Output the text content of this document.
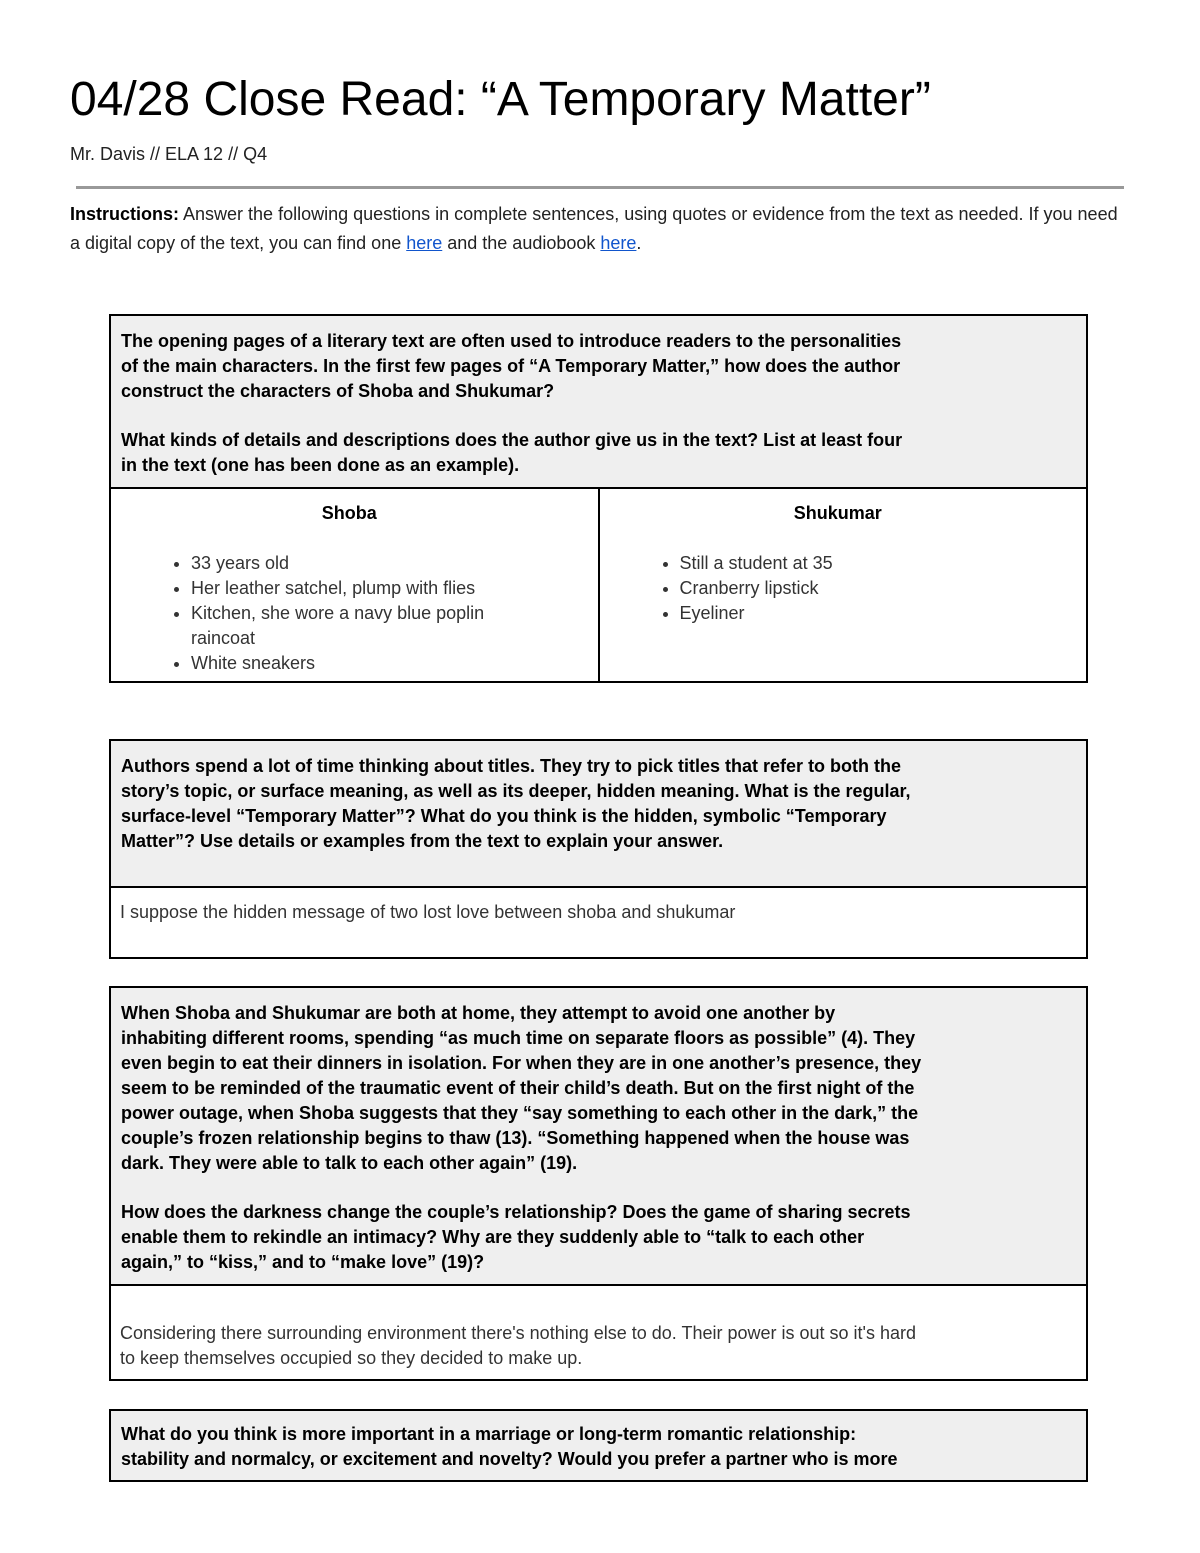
04/28 Close Read: “A Temporary Matter”
Mr. Davis // ELA 12 // Q4
Instructions: Answer the following questions in complete sentences, using quotes or evidence from the text as needed. If you need a digital copy of the text, you can find one here and the audiobook here.
The opening pages of a literary text are often used to introduce readers to the personalities
of the main characters. In the first few pages of “A Temporary Matter,” how does the author
construct the characters of Shoba and Shukumar?
What kinds of details and descriptions does the author give us in the text? List at least four
in the text (one has been done as an example).
Shoba
• 33 years old
• Her leather satchel, plump with flies
• Kitchen, she wore a navy blue poplin raincoat
• White sneakers
Shukumar
• Still a student at 35
• Cranberry lipstick
• Eyeliner
Authors spend a lot of time thinking about titles. They try to pick titles that refer to both the
story’s topic, or surface meaning, as well as its deeper, hidden meaning. What is the regular,
surface-level “Temporary Matter”? What do you think is the hidden, symbolic “Temporary
Matter”? Use details or examples from the text to explain your answer.
I suppose the hidden message of two lost love between shoba and shukumar
When Shoba and Shukumar are both at home, they attempt to avoid one another by
inhabiting different rooms, spending “as much time on separate floors as possible” (4). They
even begin to eat their dinners in isolation. For when they are in one another’s presence, they
seem to be reminded of the traumatic event of their child’s death. But on the first night of the
power outage, when Shoba suggests that they “say something to each other in the dark,” the
couple’s frozen relationship begins to thaw (13). “Something happened when the house was
dark. They were able to talk to each other again” (19).
How does the darkness change the couple’s relationship? Does the game of sharing secrets
enable them to rekindle an intimacy? Why are they suddenly able to “talk to each other
again,” to “kiss,” and to “make love” (19)?
Considering there surrounding environment there's nothing else to do. Their power is out so it's hard
to keep themselves occupied so they decided to make up.
What do you think is more important in a marriage or long-term romantic relationship:
stability and normalcy, or excitement and novelty? Would you prefer a partner who is more
